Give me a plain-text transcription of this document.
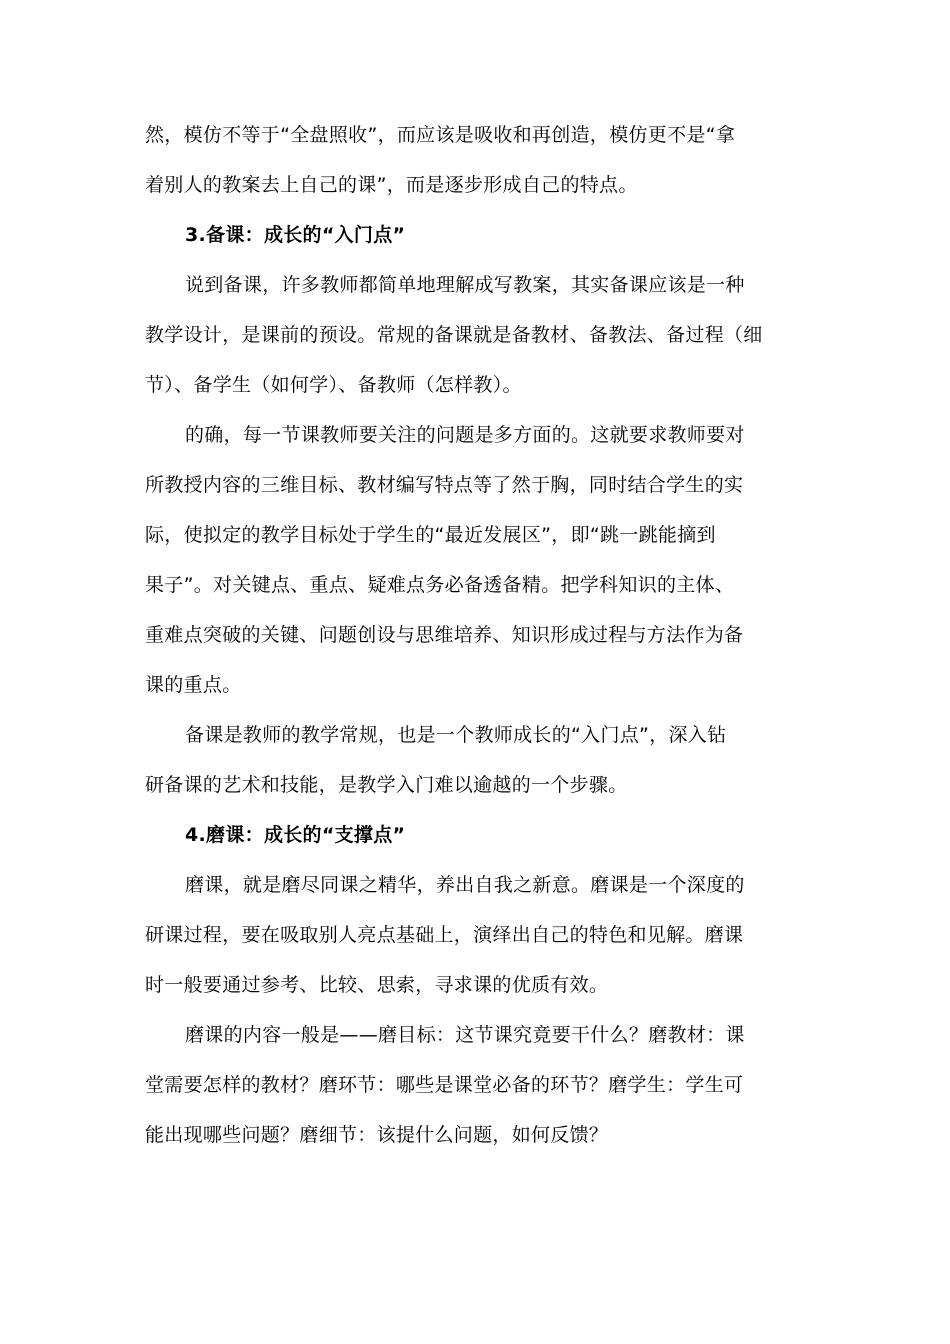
然，模仿不等于“全盘照收”，而应该是吸收和再创造，模仿更不是“拿
着别人的教案去上自己的课”，而是逐步形成自己的特点。
3.备课：成长的“入门点”
说到备课，许多教师都简单地理解成写教案，其实备课应该是一种
教学设计，是课前的预设。常规的备课就是备教材、备教法、备过程（细
节）、备学生（如何学）、备教师（怎样教）。
的确，每一节课教师要关注的问题是多方面的。这就要求教师要对
所教授内容的三维目标、教材编写特点等了然于胸，同时结合学生的实
际，使拟定的教学目标处于学生的“最近发展区”，即“跳一跳能摘到
果子”。对关键点、重点、疑难点务必备透备精。把学科知识的主体、
重难点突破的关键、问题创设与思维培养、知识形成过程与方法作为备
课的重点。
备课是教师的教学常规，也是一个教师成长的“入门点”，深入钻
研备课的艺术和技能，是教学入门难以逾越的一个步骤。
4.磨课：成长的“支撑点”
磨课，就是磨尽同课之精华，养出自我之新意。磨课是一个深度的
研课过程，要在吸取别人亮点基础上，演绎出自己的特色和见解。磨课
时一般要通过参考、比较、思索，寻求课的优质有效。
磨课的内容一般是——磨目标：这节课究竟要干什么？磨教材：课
堂需要怎样的教材？磨环节：哪些是课堂必备的环节？磨学生：学生可
能出现哪些问题？磨细节：该提什么问题，如何反馈？
